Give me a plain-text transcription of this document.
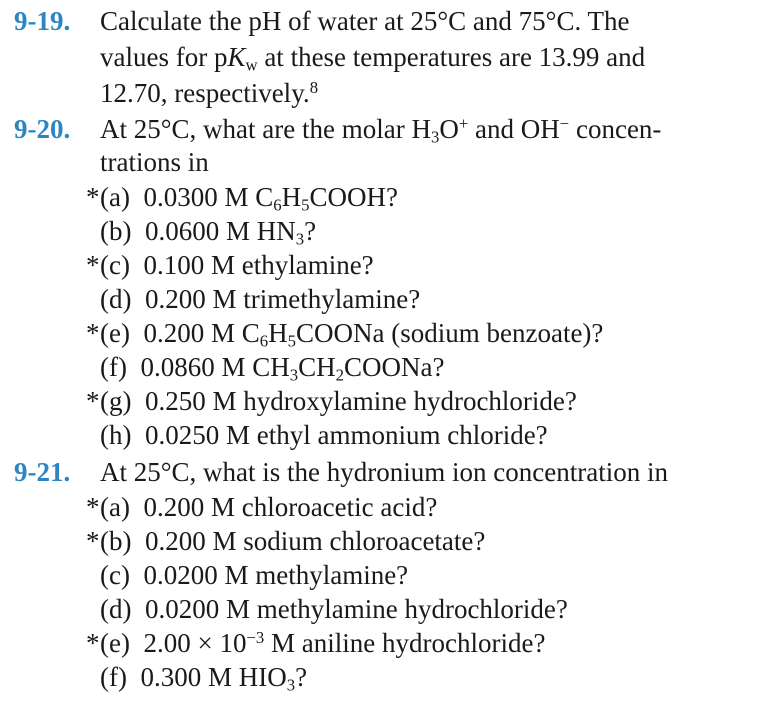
9-19. Calculate the pH of water at 25°C and 75°C. The
values for $pK_w$ at these temperatures are 13.99 and
12.70, respectively.$^8$
9-20. At 25°C, what are the molar $H_3O^+$ and OH− concen-
trations in
* (a) 0.0300 M $C_6H_5COOH$?
(b) 0.0600 M $HN_3$?
* (c) 0.100 M ethylamine?
(d) 0.200 M trimethylamine?
* (e) 0.200 M $C_6H_5COONa$ (sodium benzoate)?
(f) 0.0860 M $CH_3CH_2COONa$?
* (g) 0.250 M hydroxylamine hydrochloride?
(h) 0.0250 M ethyl ammonium chloride?
9-21. At 25°C, what is the hydronium ion concentration in
* (a) 0.200 M chloroacetic acid?
* (b) 0.200 M sodium chloroacetate?
(c) 0.0200 M methylamine?
(d) 0.0200 M methylamine hydrochloride?
* (e) $2.00 \times 10^{-3}$ M aniline hydrochloride?
(f) 0.300 M $HIO_3$?
